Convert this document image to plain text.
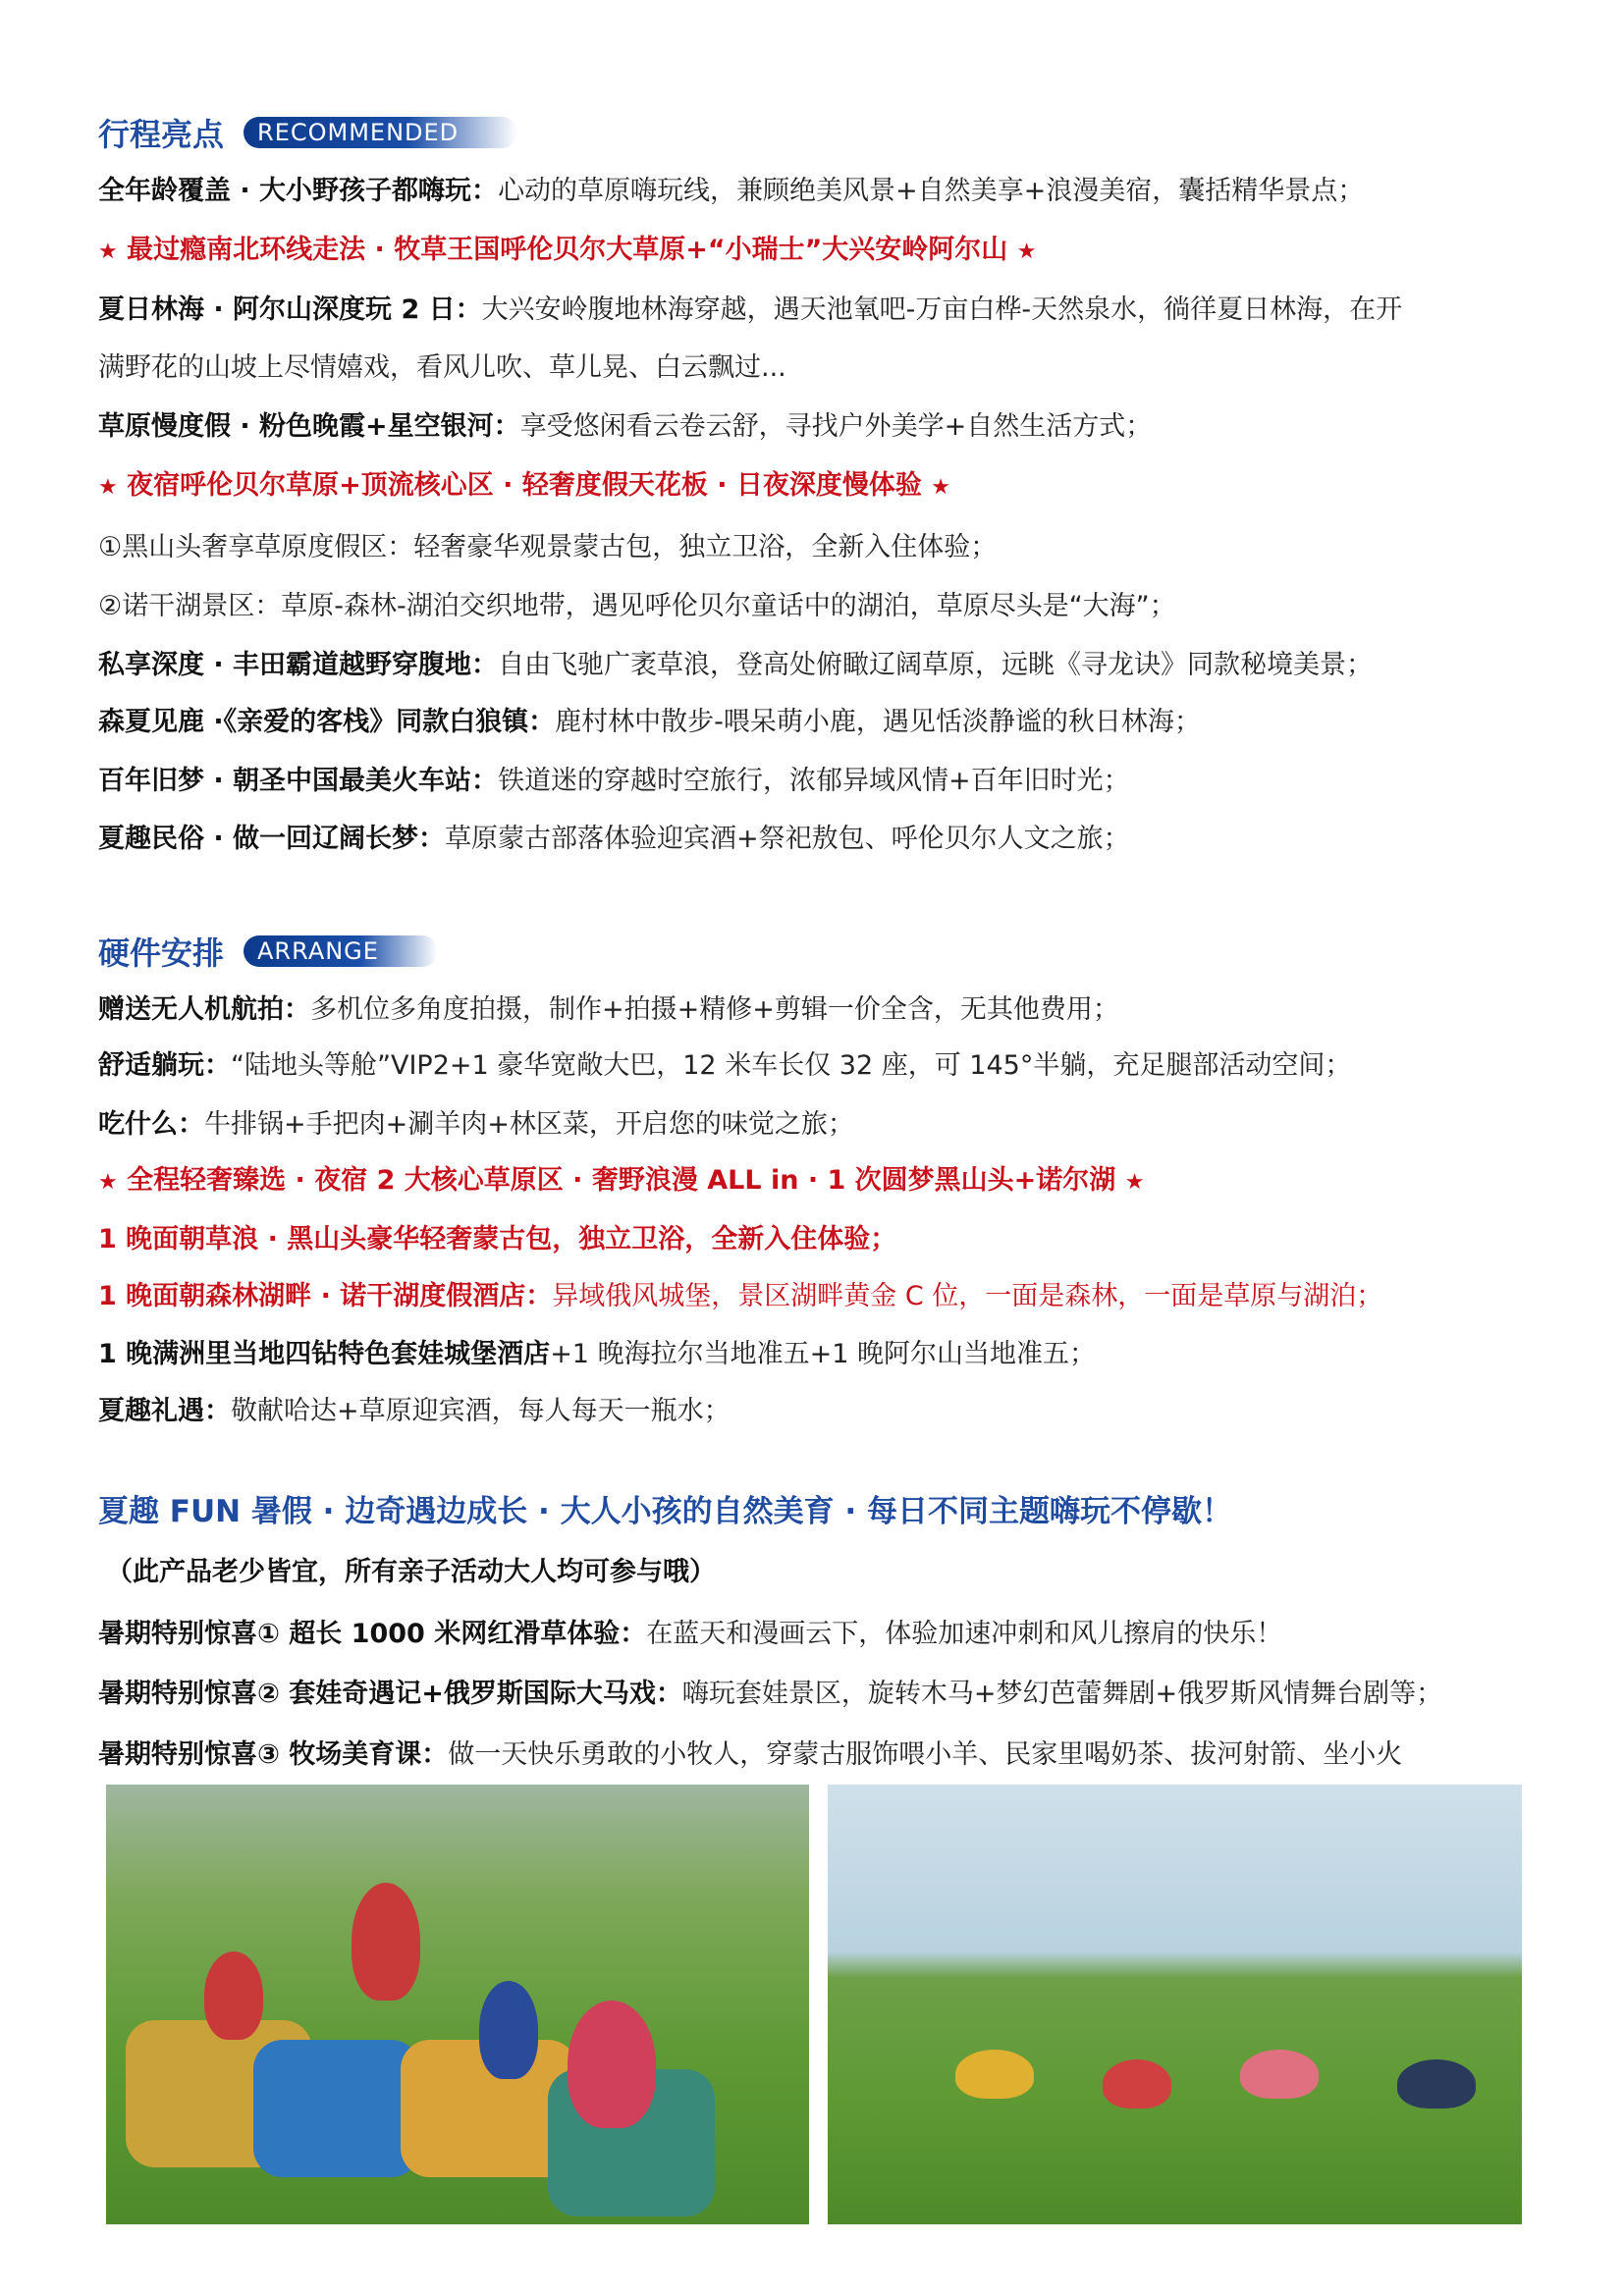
行程亮点	RECOMMENDED
全年龄覆盖 · 大小野孩子都嗨玩：心动的草原嗨玩线，兼顾绝美风景+自然美享+浪漫美宿，囊括精华景点；
★ 最过瘾南北环线走法 · 牧草王国呼伦贝尔大草原+“小瑞士”大兴安岭阿尔山 ★
夏日林海 · 阿尔山深度玩 2 日：大兴安岭腹地林海穿越，遇天池氧吧-万亩白桦-天然泉水，徜徉夏日林海，在开
满野花的山坡上尽情嬉戏，看风儿吹、草儿晃、白云飘过...
草原慢度假 · 粉色晚霞+星空银河：享受悠闲看云卷云舒，寻找户外美学+自然生活方式；
★ 夜宿呼伦贝尔草原+顶流核心区 · 轻奢度假天花板 · 日夜深度慢体验 ★
①黑山头奢享草原度假区：轻奢豪华观景蒙古包，独立卫浴，全新入住体验；
②诺干湖景区：草原-森林-湖泊交织地带，遇见呼伦贝尔童话中的湖泊，草原尽头是“大海”；
私享深度 · 丰田霸道越野穿腹地：自由飞驰广袤草浪，登高处俯瞰辽阔草原，远眺《寻龙诀》同款秘境美景；
森夏见鹿 ·《亲爱的客栈》同款白狼镇：鹿村林中散步-喂呆萌小鹿，遇见恬淡静谧的秋日林海；
百年旧梦 · 朝圣中国最美火车站：铁道迷的穿越时空旅行，浓郁异域风情+百年旧时光；
夏趣民俗 · 做一回辽阔长梦：草原蒙古部落体验迎宾酒+祭祀敖包、呼伦贝尔人文之旅；
硬件安排	ARRANGE
赠送无人机航拍：多机位多角度拍摄，制作+拍摄+精修+剪辑一价全含，无其他费用；
舒适躺玩：“陆地头等舱”VIP2+1 豪华宽敞大巴，12 米车长仅 32 座，可 145°半躺，充足腿部活动空间；
吃什么：牛排锅+手把肉+涮羊肉+林区菜，开启您的味觉之旅；
★ 全程轻奢臻选 · 夜宿 2 大核心草原区 · 奢野浪漫 ALL in · 1 次圆梦黑山头+诺尔湖 ★
1 晚面朝草浪 · 黑山头豪华轻奢蒙古包，独立卫浴，全新入住体验；
1 晚面朝森林湖畔 · 诺干湖度假酒店：异域俄风城堡，景区湖畔黄金 C 位，一面是森林，一面是草原与湖泊；
1 晚满洲里当地四钻特色套娃城堡酒店+1 晚海拉尔当地准五+1 晚阿尔山当地准五；
夏趣礼遇：敬献哈达+草原迎宾酒，每人每天一瓶水；
夏趣 FUN 暑假 · 边奇遇边成长 · 大人小孩的自然美育 · 每日不同主题嗨玩不停歇！
（此产品老少皆宜，所有亲子活动大人均可参与哦）
暑期特别惊喜① 超长 1000 米网红滑草体验：在蓝天和漫画云下，体验加速冲刺和风儿擦肩的快乐！
暑期特别惊喜② 套娃奇遇记+俄罗斯国际大马戏：嗨玩套娃景区，旋转木马+梦幻芭蕾舞剧+俄罗斯风情舞台剧等；
暑期特别惊喜③ 牧场美育课：做一天快乐勇敢的小牧人，穿蒙古服饰喂小羊、民家里喝奶茶、拔河射箭、坐小火
